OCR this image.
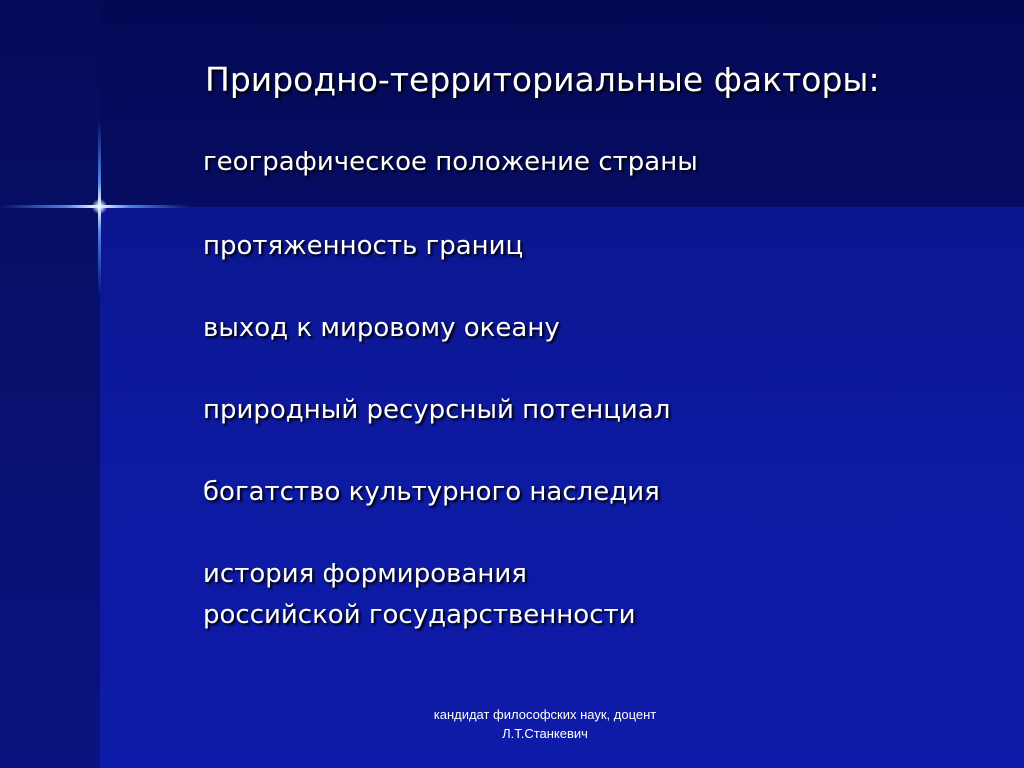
Природно-территориальные факторы:
географическое положение страны
протяженность границ
выход к мировому океану
природный ресурсный потенциал
богатство культурного наследия
история формирования
российской государственности
кандидат философских наук, доцент
Л.Т.Станкевич
